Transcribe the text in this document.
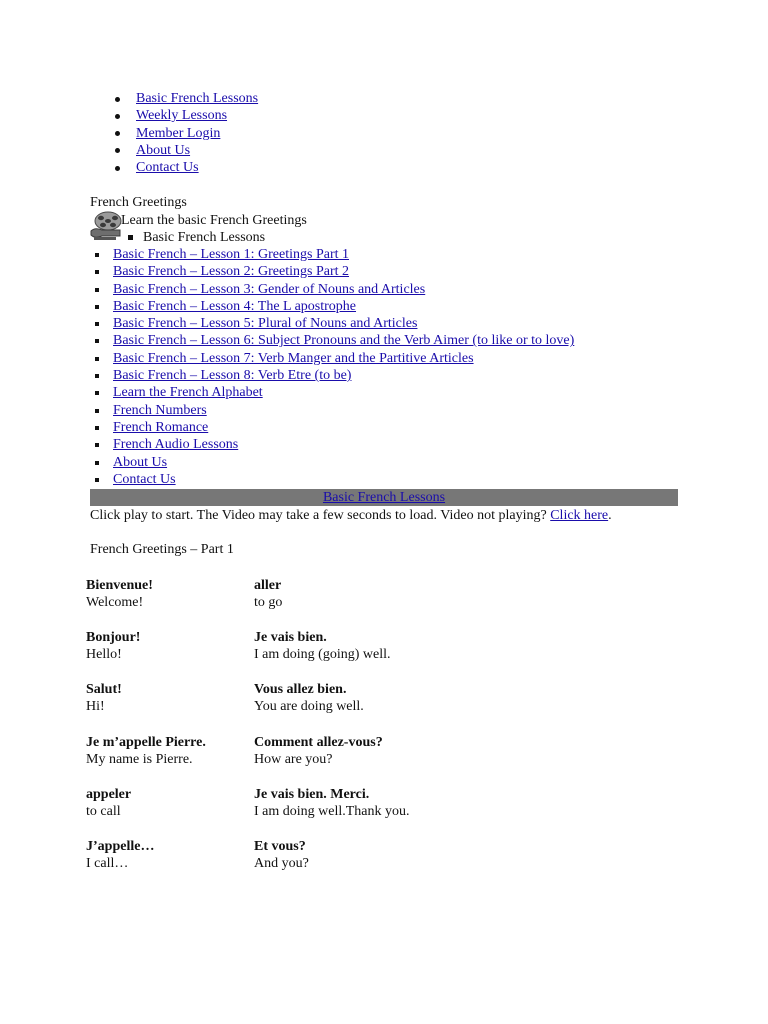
Basic French Lessons
Weekly Lessons
Member Login
About Us
Contact Us
French Greetings
Learn the basic French Greetings
Basic French Lessons
Basic French – Lesson 1: Greetings Part 1
Basic French – Lesson 2: Greetings Part 2
Basic French – Lesson 3: Gender of Nouns and Articles
Basic French – Lesson 4: The L apostrophe
Basic French – Lesson 5: Plural of Nouns and Articles
Basic French – Lesson 6: Subject Pronouns and the Verb Aimer (to like or to love)
Basic French – Lesson 7: Verb Manger and the Partitive Articles
Basic French – Lesson 8: Verb Etre (to be)
Learn the French Alphabet
French Numbers
French Romance
French Audio Lessons
About Us
Contact Us
Basic French Lessons
Click play to start. The Video may take a few seconds to load. Video not playing? Click here.
French Greetings – Part 1
Bienvenue!
Welcome!
aller
to go
Bonjour!
Hello!
Je vais bien.
I am doing (going) well.
Salut!
Hi!
Vous allez bien.
You are doing well.
Je m’appelle Pierre.
My name is Pierre.
Comment allez-vous?
How are you?
appeler
to call
Je vais bien. Merci.
I am doing well.Thank you.
J’appelle…
I call…
Et vous?
And you?
